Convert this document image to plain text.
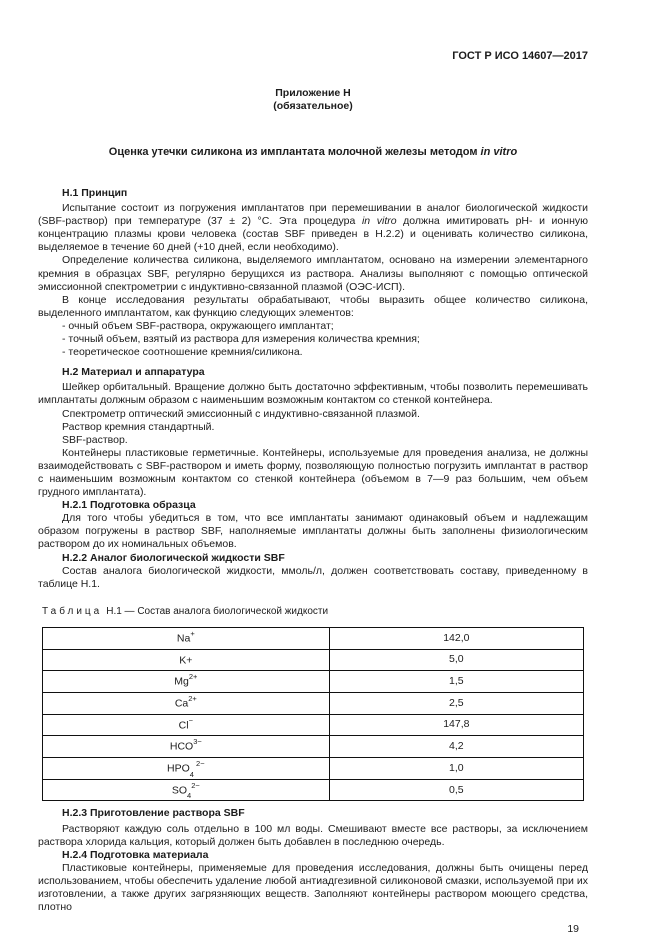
ГОСТ Р ИСО 14607—2017
Приложение Н
(обязательное)
Оценка утечки силикона из имплантата молочной железы методом in vitro
Н.1 Принцип

Испытание состоит из погружения имплантатов при перемешивании в аналог биологической жидкости (SBF-раствор) при температуре (37 ± 2) °С. Эта процедура in vitro должна имитировать pH- и ионную концентрацию плазмы крови человека (состав SBF приведен в Н.2.2) и оценивать количество силикона, выделяемое в течение 60 дней (+10 дней, если необходимо).

Определение количества силикона, выделяемого имплантатом, основано на измерении элементарного кремния в образцах SBF, регулярно берущихся из раствора. Анализы выполняют с помощью оптической эмиссионной спектрометрии с индуктивно-связанной плазмой (ОЭС-ИСП).

В конце исследования результаты обрабатывают, чтобы выразить общее количество силикона, выделенного имплантатом, как функцию следующих элементов:

- очный объем SBF-раствора, окружающего имплантат;
- точный объем, взятый из раствора для измерения количества кремния;
- теоретическое соотношение кремния/силикона.
Н.2 Материал и аппаратура

Шейкер орбитальный. Вращение должно быть достаточно эффективным, чтобы позволить перемешивать имплантаты должным образом с наименьшим возможным контактом со стенкой контейнера.

Спектрометр оптический эмиссионный с индуктивно-связанной плазмой.

Раствор кремния стандартный.

SBF-раствор.

Контейнеры пластиковые герметичные. Контейнеры, используемые для проведения анализа, не должны взаимодействовать с SBF-раствором и иметь форму, позволяющую полностью погрузить имплантат в раствор с наименьшим возможным контактом со стенкой контейнера (объемом в 7—9 раз большим, чем объем грудного имплантата).

Н.2.1 Подготовка образца

Для того чтобы убедиться в том, что все имплантаты занимают одинаковый объем и надлежащим образом погружены в раствор SBF, наполняемые имплантаты должны быть заполнены физиологическим раствором до их номинальных объемов.

Н.2.2 Аналог биологической жидкости SBF

Состав аналога биологической жидкости, ммоль/л, должен соответствовать составу, приведенному в таблице Н.1.

Таблица Н.1 — Состав аналога биологической жидкости
Na+	142,0
K+	5,0
$Mg^{2+}$	1,5
$Ca^{2+}$	2,5
Cl−	147,8
$HCO^{3-}$	4,2
$HPO_4$ $^{2-}$	1,0
$SO_4^{2-}$	0,5
Н.2.3 Приготовление раствора SBF

Растворяют каждую соль отдельно в 100 мл воды. Смешивают вместе все растворы, за исключением раствора хлорида кальция, который должен быть добавлен в последнюю очередь.

Н.2.4 Подготовка материала

Пластиковые контейнеры, применяемые для проведения исследования, должны быть очищены перед использованием, чтобы обеспечить удаление любой антиадгезивной силиконовой смазки, используемой при их изготовлении, а также других загрязняющих веществ. Заполняют контейнеры раствором моющего средства, плотно

19
